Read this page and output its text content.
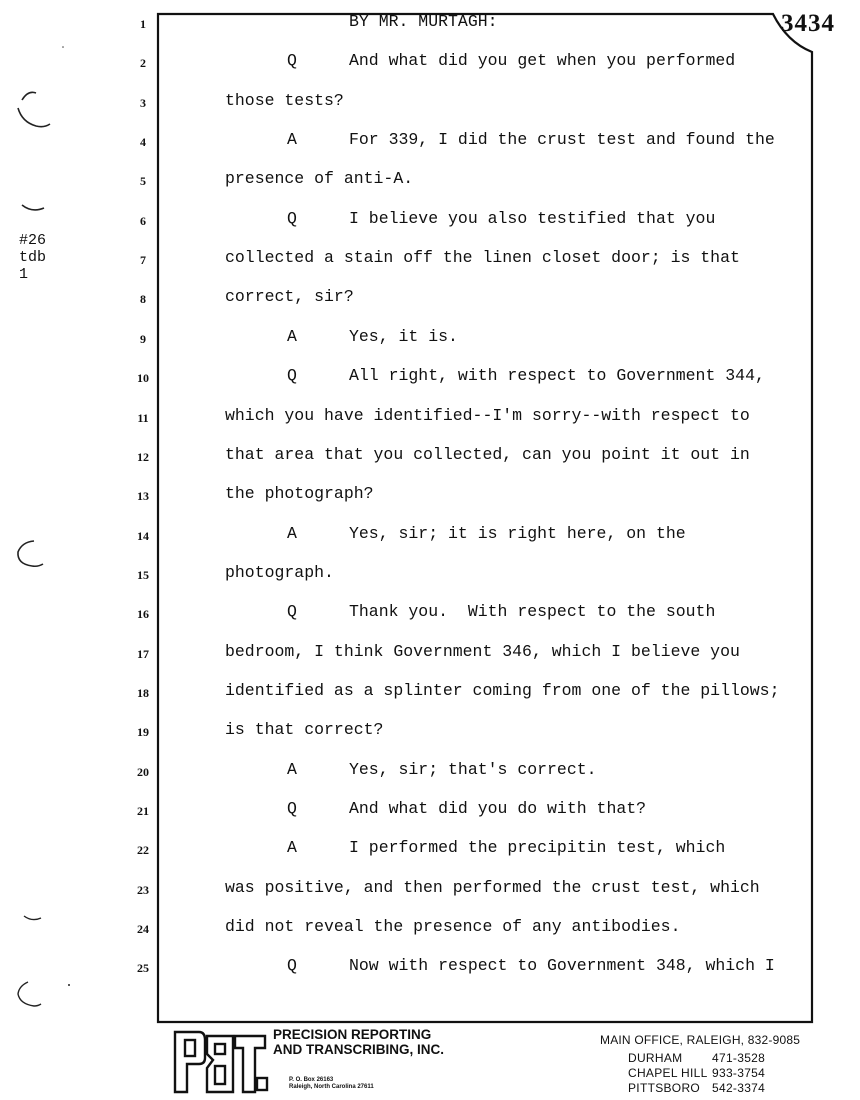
3434
#26
tdb
1
1	BY MR. MURTAGH:
2	Q	And what did you get when you performed
3	those tests?
4	A	For 339, I did the crust test and found the
5	presence of anti-A.
6	Q	I believe you also testified that you
7	collected a stain off the linen closet door; is that
8	correct, sir?
9	A	Yes, it is.
10	Q	All right, with respect to Government 344,
11	which you have identified--I'm sorry--with respect to
12	that area that you collected, can you point it out in
13	the photograph?
14	A	Yes, sir; it is right here, on the
15	photograph.
16	Q	Thank you.  With respect to the south
17	bedroom, I think Government 346, which I believe you
18	identified as a splinter coming from one of the pillows;
19	is that correct?
20	A	Yes, sir; that's correct.
21	Q	And what did you do with that?
22	A	I performed the precipitin test, which
23	was positive, and then performed the crust test, which
24	did not reveal the presence of any antibodies.
25	Q	Now with respect to Government 348, which I
PRECISION REPORTING
AND TRANSCRIBING, INC.
P. O. Box 26163
Raleigh, North Carolina 27611
MAIN OFFICE, RALEIGH, 832-9085
DURHAM 471-3528
CHAPEL HILL 933-3754
PITTSBORO 542-3374
